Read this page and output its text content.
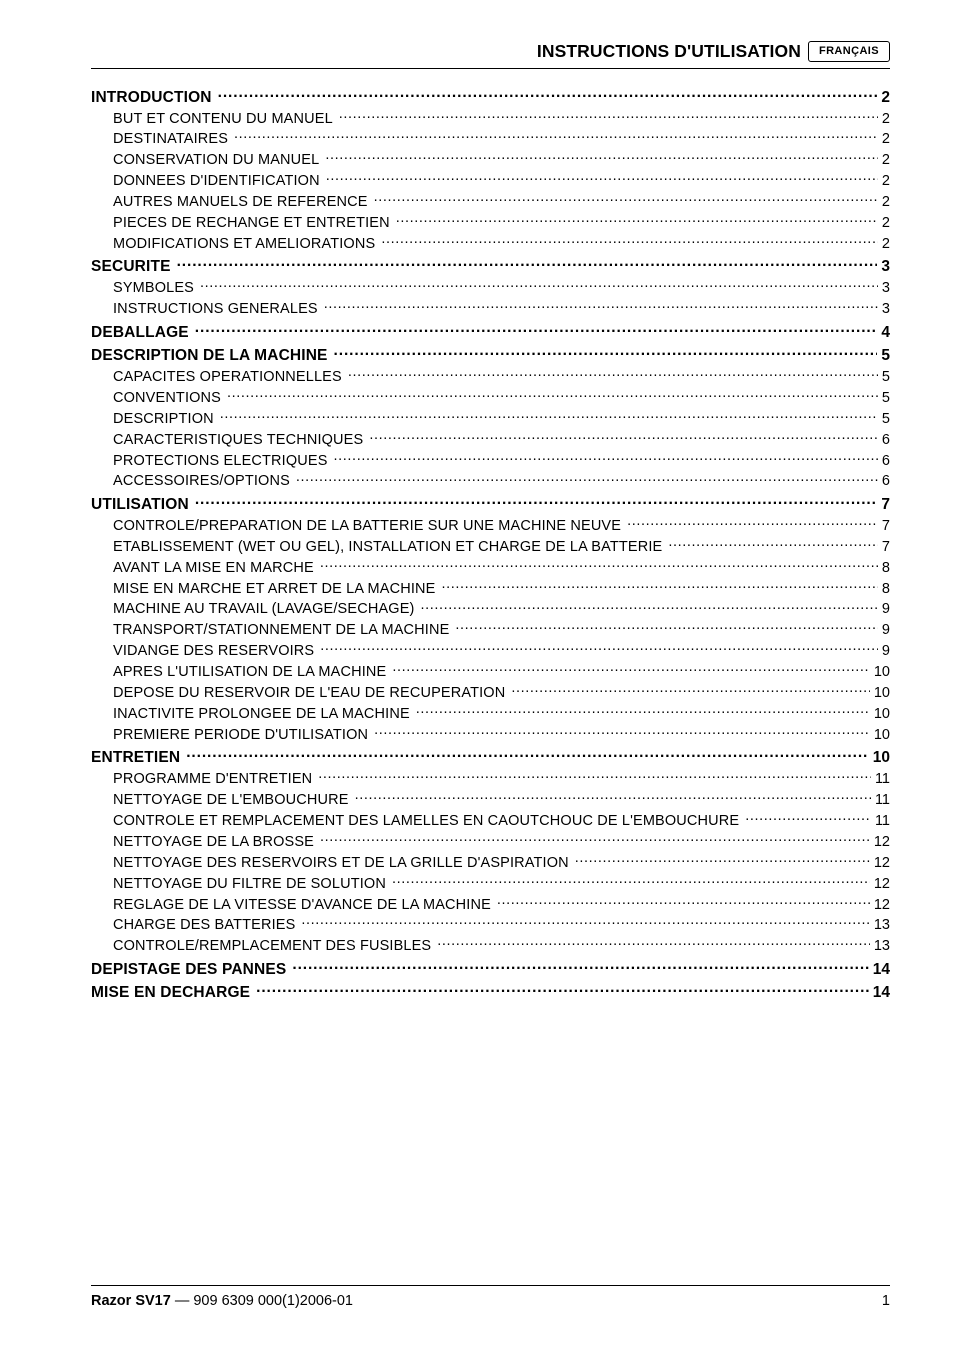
INSTRUCTIONS D'UTILISATION	FRANÇAIS
INTRODUCTION .....	2
BUT ET CONTENU DU MANUEL .....	2
DESTINATAIRES .....	2
CONSERVATION DU MANUEL .....	2
DONNEES D'IDENTIFICATION .....	2
AUTRES MANUELS DE REFERENCE .....	2
PIECES DE RECHANGE ET ENTRETIEN .....	2
MODIFICATIONS ET AMELIORATIONS .....	2
SECURITE .....	3
SYMBOLES .....	3
INSTRUCTIONS GENERALES .....	3
DEBALLAGE .....	4
DESCRIPTION DE LA MACHINE .....	5
CAPACITES OPERATIONNELLES .....	5
CONVENTIONS .....	5
DESCRIPTION .....	5
CARACTERISTIQUES TECHNIQUES .....	6
PROTECTIONS ELECTRIQUES .....	6
ACCESSOIRES/OPTIONS .....	6
UTILISATION .....	7
CONTROLE/PREPARATION DE LA BATTERIE SUR UNE MACHINE NEUVE .....	7
ETABLISSEMENT (WET OU GEL), INSTALLATION ET CHARGE DE LA BATTERIE .....	7
AVANT LA MISE EN MARCHE .....	8
MISE EN MARCHE ET ARRET DE LA MACHINE .....	8
MACHINE AU TRAVAIL (LAVAGE/SECHAGE) .....	9
TRANSPORT/STATIONNEMENT DE LA MACHINE .....	9
VIDANGE DES RESERVOIRS .....	9
APRES L'UTILISATION DE LA MACHINE .....	10
DEPOSE DU RESERVOIR DE L'EAU DE RECUPERATION .....	10
INACTIVITE PROLONGEE DE LA MACHINE .....	10
PREMIERE PERIODE D'UTILISATION .....	10
ENTRETIEN .....	10
PROGRAMME D'ENTRETIEN .....	11
NETTOYAGE DE L'EMBOUCHURE .....	11
CONTROLE ET REMPLACEMENT DES LAMELLES EN CAOUTCHOUC DE L'EMBOUCHURE .....	11
NETTOYAGE DE LA BROSSE .....	12
NETTOYAGE DES RESERVOIRS ET DE LA GRILLE D'ASPIRATION .....	12
NETTOYAGE DU FILTRE DE SOLUTION .....	12
REGLAGE DE LA VITESSE D'AVANCE DE LA MACHINE .....	12
CHARGE DES BATTERIES .....	13
CONTROLE/REMPLACEMENT DES FUSIBLES .....	13
DEPISTAGE DES PANNES .....	14
MISE EN DECHARGE .....	14
Razor SV17 — 909 6309 000(1)2006-01	1
